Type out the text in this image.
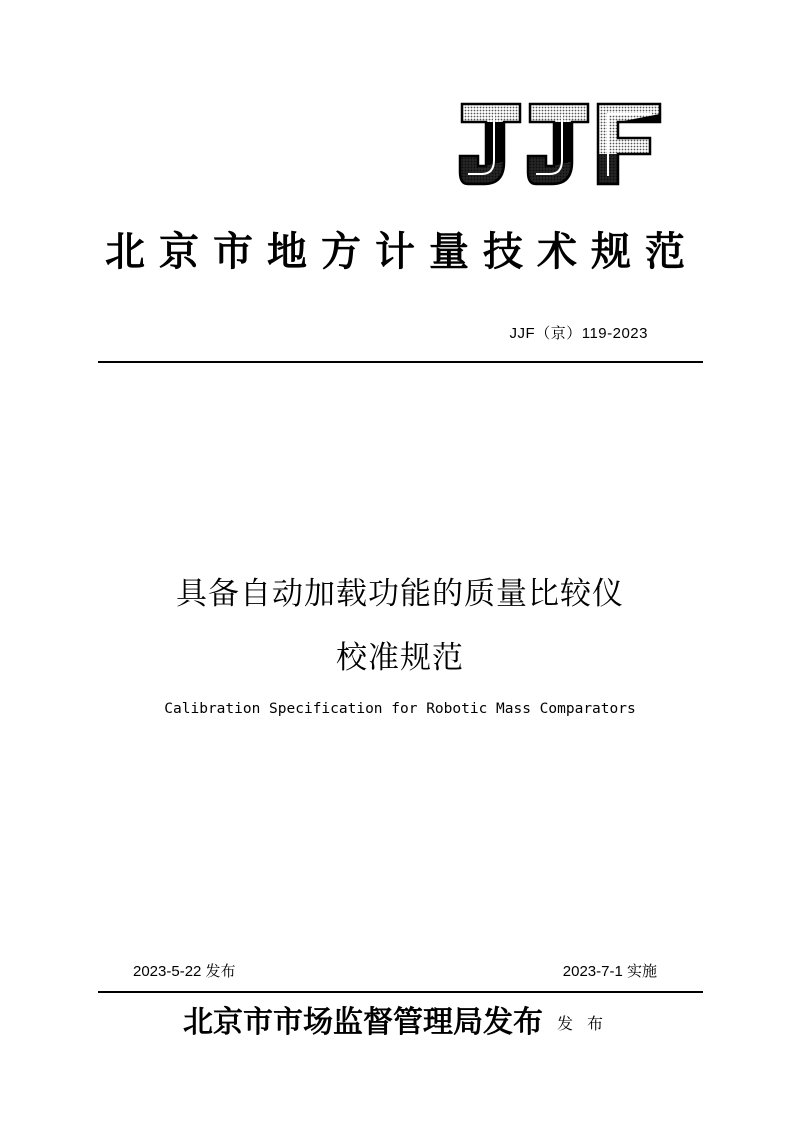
北京市地方计量技术规范
JJF（京）119-2023
具备自动加载功能的质量比较仪
校准规范
Calibration Specification for Robotic Mass Comparators
2023-5-22 发布	2023-7-1 实施
北京市市场监督管理局发布 发布
